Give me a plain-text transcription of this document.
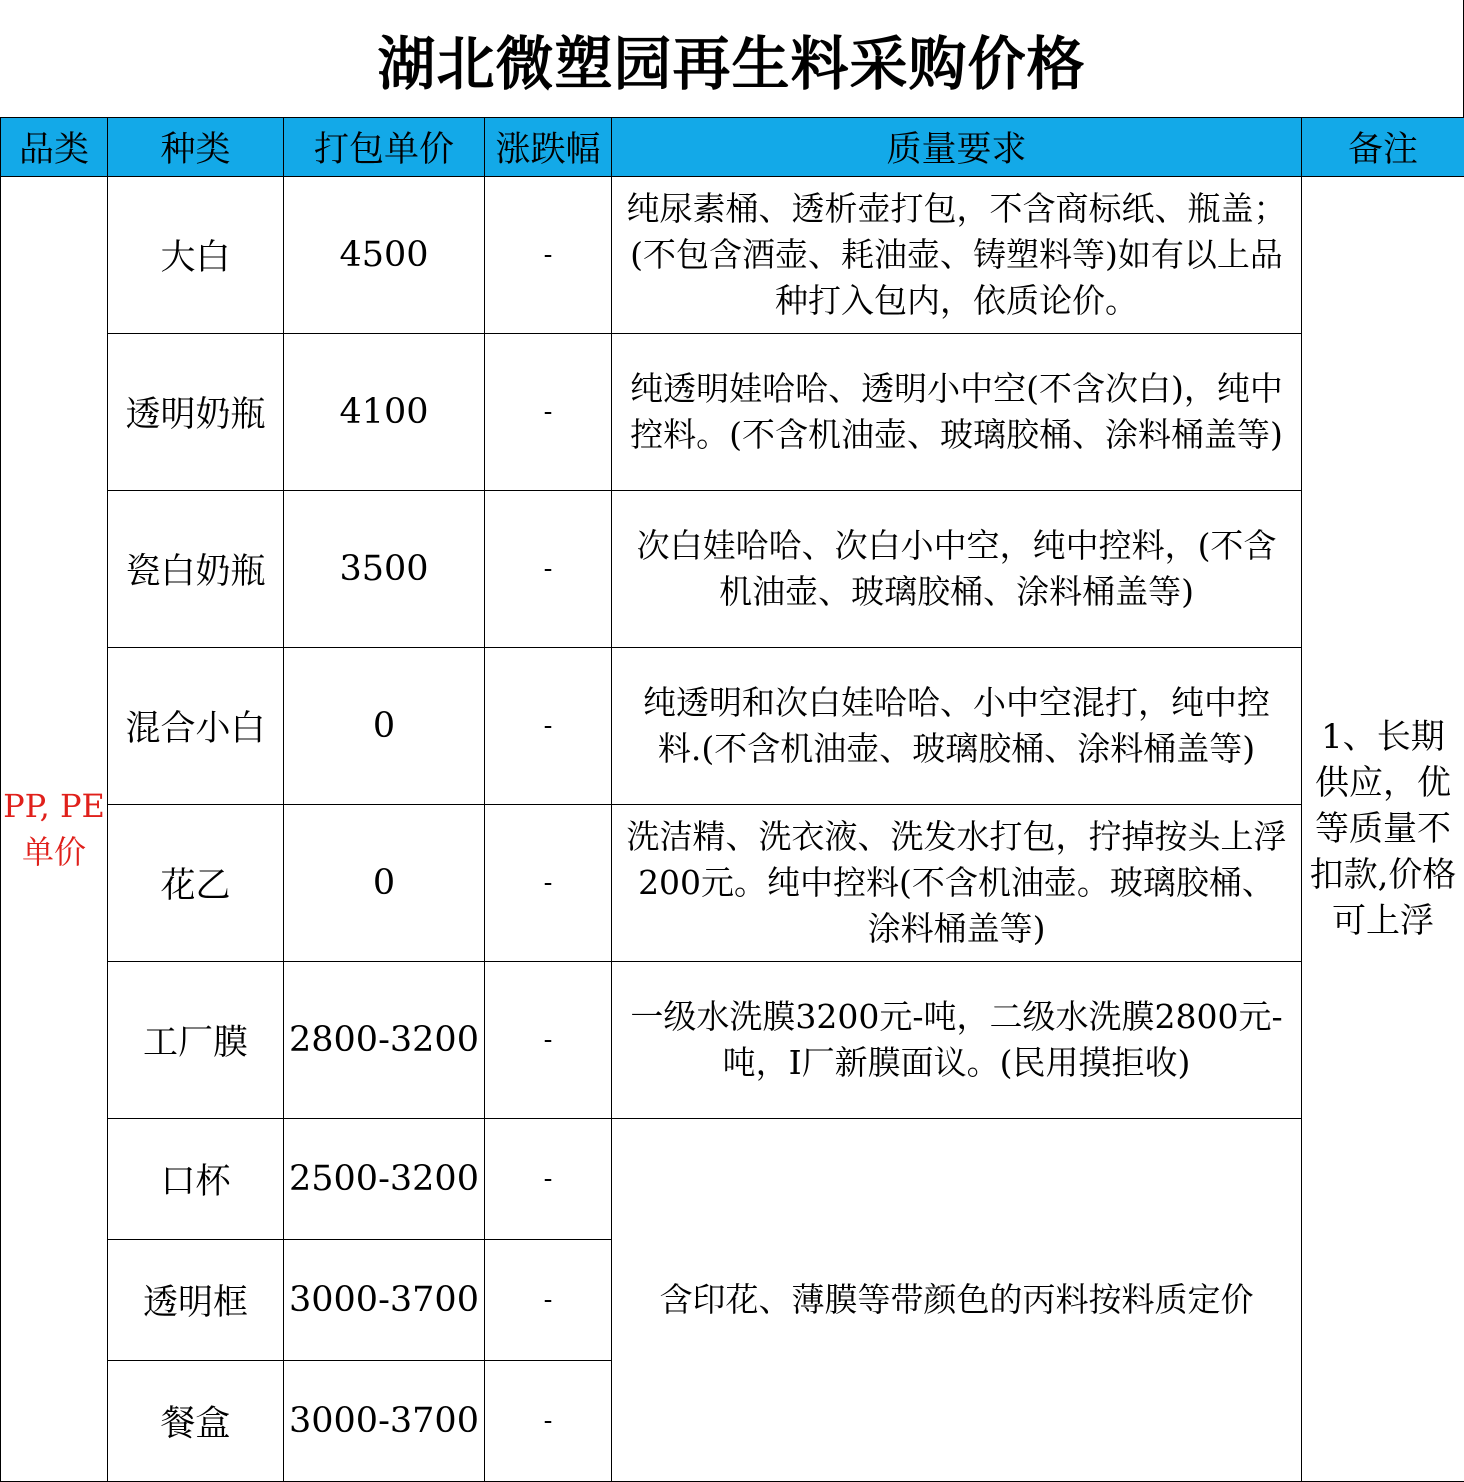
湖北微塑园再生料采购价格
品类	种类	打包单价	涨跌幅	质量要求	备注
PP, PE单价	大白	4500	-	纯尿素桶、透析壶打包，不含商标纸、瓶盖；(不包含酒壶、耗油壶、铸塑料等)如有以上品种打入包内，依质论价。	1、长期供应，优等质量不扣款,价格可上浮
	透明奶瓶	4100	-	纯透明娃哈哈、透明小中空(不含次白)，纯中控料。(不含机油壶、玻璃胶桶、涂料桶盖等)	
	瓷白奶瓶	3500	-	次白娃哈哈、次白小中空，纯中控料，(不含机油壶、玻璃胶桶、涂料桶盖等)	
	混合小白	0	-	纯透明和次白娃哈哈、小中空混打，纯中控料.(不含机油壶、玻璃胶桶、涂料桶盖等)	
	花乙	0	-	洗洁精、洗衣液、洗发水打包，拧掉按头上浮200元。纯中控料(不含机油壶。玻璃胶桶、涂料桶盖等)	
	工厂膜	2800-3200	-	一级水洗膜3200元-吨，二级水洗膜2800元-吨，I厂新膜面议。(民用摸拒收)	
	口杯	2500-3200	-	含印花、薄膜等带颜色的丙料按料质定价	
	透明框	3000-3700	-		
	餐盒	3000-3700	-		
